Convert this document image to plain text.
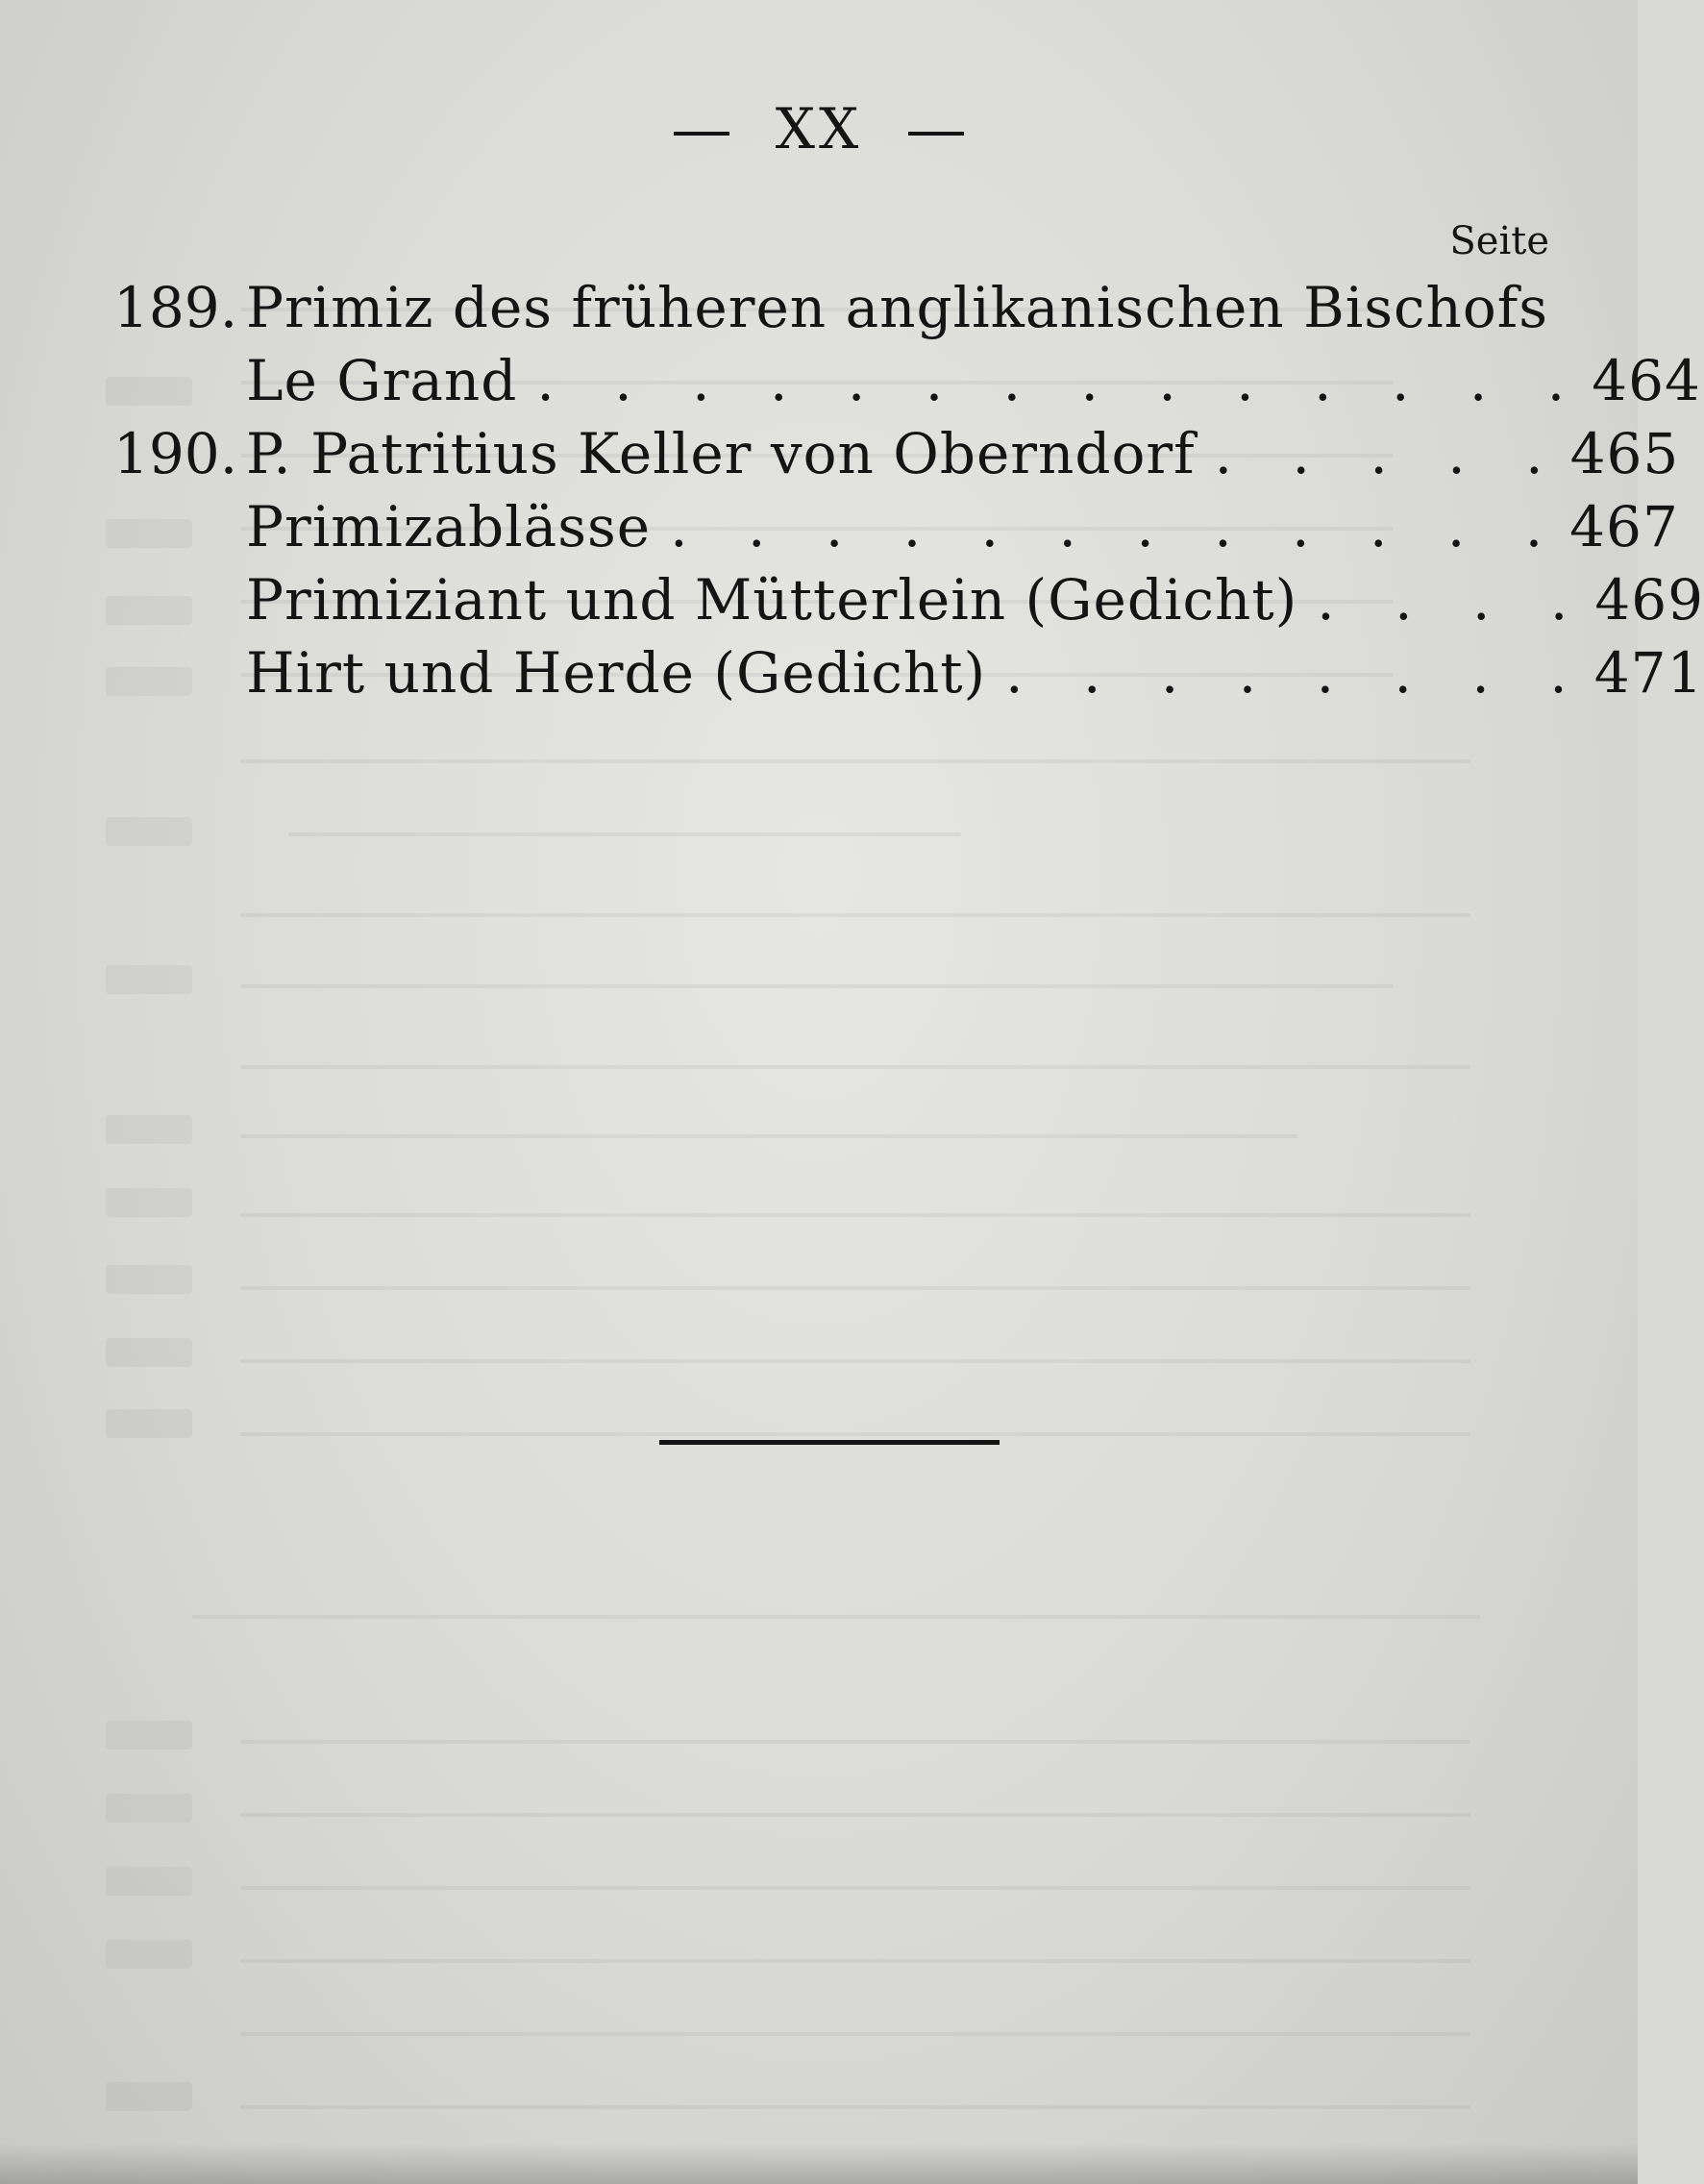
XX
Seite
189. Primiz des früheren anglikanischen Bischofs
Le Grand . . . . . . . . . . . . . . 464
190. P. Patritius Keller von Oberndorf . . . . . 465
Primizablässe . . . . . . . . . . . . 467
Primiziant und Mütterlein (Gedicht) . . . . 469
Hirt und Herde (Gedicht) . . . . . . . . 471
